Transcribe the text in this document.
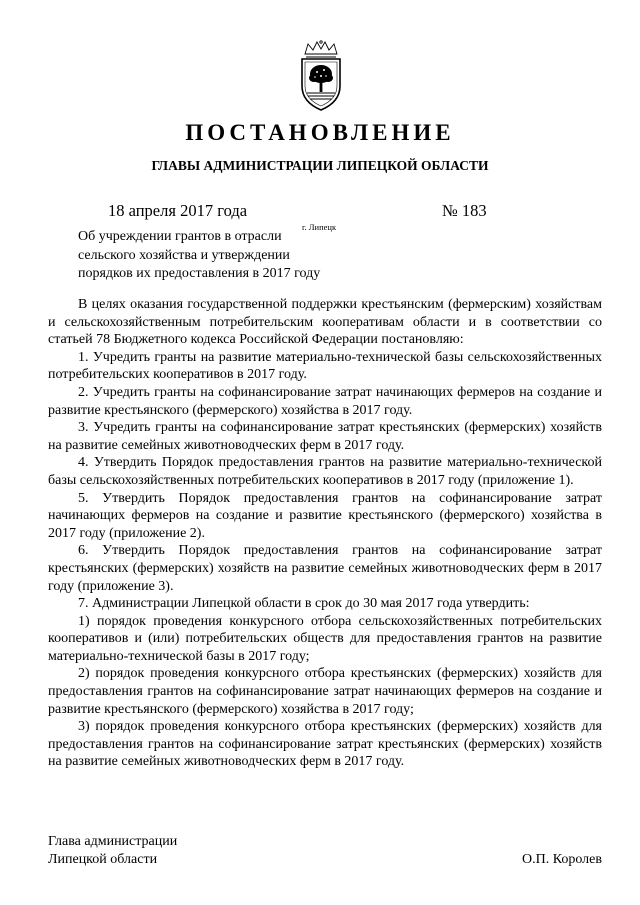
ПОСТАНОВЛЕНИЕ
ГЛАВЫ АДМИНИСТРАЦИИ ЛИПЕЦКОЙ ОБЛАСТИ
18 апреля 2017 года
г. Липецк
№ 183
Об учреждении грантов в отрасли
сельского хозяйства и утверждении
порядков их предоставления в 2017 году

В целях оказания государственной поддержки крестьянским (фермерским) хозяйствам и сельскохозяйственным потребительским кооперативам области и в соответствии со статьей 78 Бюджетного кодекса Российской Федерации постановляю:

1. Учредить гранты на развитие материально-технической базы сельскохозяйственных потребительских кооперативов в 2017 году.

2. Учредить гранты на софинансирование затрат начинающих фермеров на создание и развитие крестьянского (фермерского) хозяйства в 2017 году.

3. Учредить гранты на софинансирование затрат крестьянских (фермерских) хозяйств на развитие семейных животноводческих ферм в 2017 году.

4. Утвердить Порядок предоставления грантов на развитие материально-технической базы сельскохозяйственных потребительских кооперативов в 2017 году (приложение 1).

5. Утвердить Порядок предоставления грантов на софинансирование затрат начинающих фермеров на создание и развитие крестьянского (фермерского) хозяйства в 2017 году (приложение 2).

6. Утвердить Порядок предоставления грантов на софинансирование затрат крестьянских (фермерских) хозяйств на развитие семейных животноводческих ферм в 2017 году (приложение 3).

7. Администрации Липецкой области в срок до 30 мая 2017 года утвердить:

1) порядок проведения конкурсного отбора сельскохозяйственных потребительских кооперативов и (или) потребительских обществ для предоставления грантов на развитие материально-технической базы в 2017 году;

2) порядок проведения конкурсного отбора крестьянских (фермерских) хозяйств для предоставления грантов на софинансирование затрат начинающих фермеров на создание и развитие крестьянского (фермерского) хозяйства в 2017 году;

3) порядок проведения конкурсного отбора крестьянских (фермерских) хозяйств для предоставления грантов на софинансирование затрат крестьянских (фермерских) хозяйств на развитие семейных животноводческих ферм в 2017 году.

Глава администрации
Липецкой области	О.П. Королев
